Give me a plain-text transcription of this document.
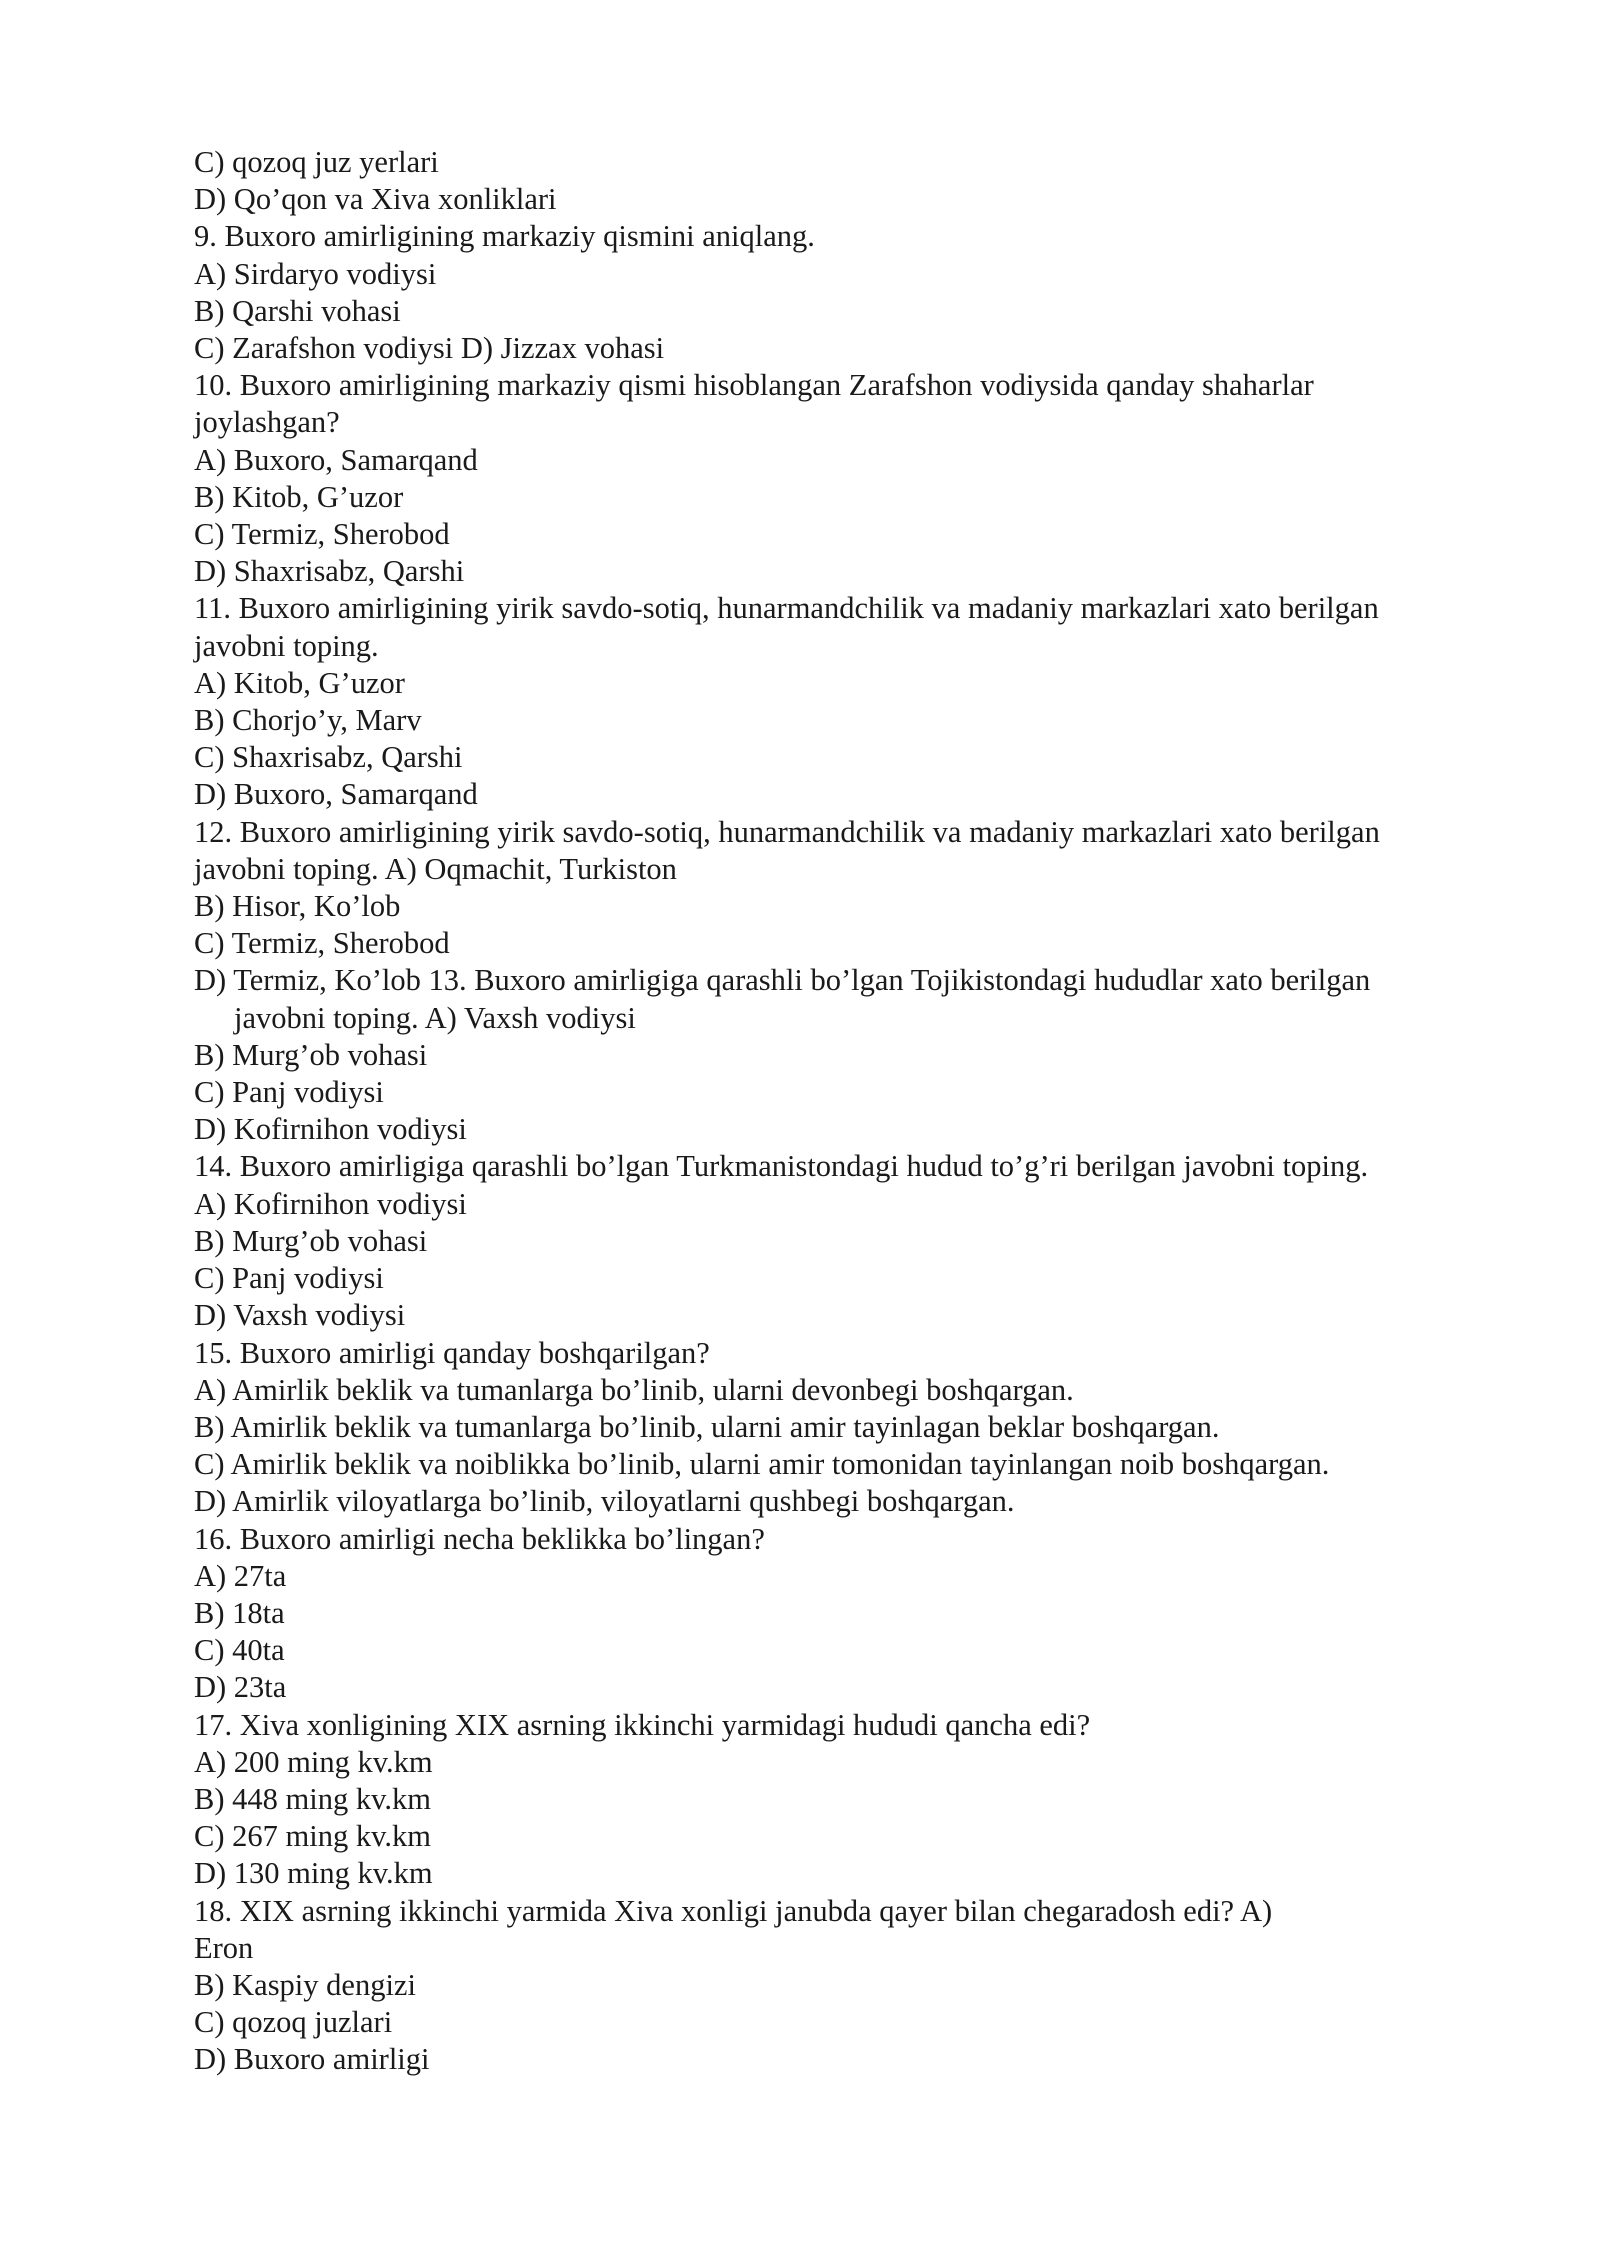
C) qozoq juz yerlari
D) Qo’qon va Xiva xonliklari
9. Buxoro amirligining markaziy qismini aniqlang.
A) Sirdaryo vodiysi
B) Qarshi vohasi
C) Zarafshon vodiysi D) Jizzax vohasi
10. Buxoro amirligining markaziy qismi hisoblangan Zarafshon vodiysida qanday shaharlar
joylashgan?
A) Buxoro, Samarqand
B) Kitob, G’uzor
C) Termiz, Sherobod
D) Shaxrisabz, Qarshi
11. Buxoro amirligining yirik savdo-sotiq, hunarmandchilik va madaniy markazlari xato berilgan
javobni toping.
A) Kitob, G’uzor
B) Chorjo’y, Marv
C) Shaxrisabz, Qarshi
D) Buxoro, Samarqand
12. Buxoro amirligining yirik savdo-sotiq, hunarmandchilik va madaniy markazlari xato berilgan
javobni toping. A) Oqmachit, Turkiston
B) Hisor, Ko’lob
C) Termiz, Sherobod
D) Termiz, Ko’lob 13. Buxoro amirligiga qarashli bo’lgan Tojikistondagi hududlar xato berilgan
javobni toping. A) Vaxsh vodiysi
B) Murg’ob vohasi
C) Panj vodiysi
D) Kofirnihon vodiysi
14. Buxoro amirligiga qarashli bo’lgan Turkmanistondagi hudud to’g’ri berilgan javobni toping.
A) Kofirnihon vodiysi
B) Murg’ob vohasi
C) Panj vodiysi
D) Vaxsh vodiysi
15. Buxoro amirligi qanday boshqarilgan?
A) Amirlik beklik va tumanlarga bo’linib, ularni devonbegi boshqargan.
B) Amirlik beklik va tumanlarga bo’linib, ularni amir tayinlagan beklar boshqargan.
C) Amirlik beklik va noiblikka bo’linib, ularni amir tomonidan tayinlangan noib boshqargan.
D) Amirlik viloyatlarga bo’linib, viloyatlarni qushbegi boshqargan.
16. Buxoro amirligi necha beklikka bo’lingan?
A) 27ta
B) 18ta
C) 40ta
D) 23ta
17. Xiva xonligining XIX asrning ikkinchi yarmidagi hududi qancha edi?
A) 200 ming kv.km
B) 448 ming kv.km
C) 267 ming kv.km
D) 130 ming kv.km
18. XIX asrning ikkinchi yarmida Xiva xonligi janubda qayer bilan chegaradosh edi? A)
Eron
B) Kaspiy dengizi
C) qozoq juzlari
D) Buxoro amirligi
